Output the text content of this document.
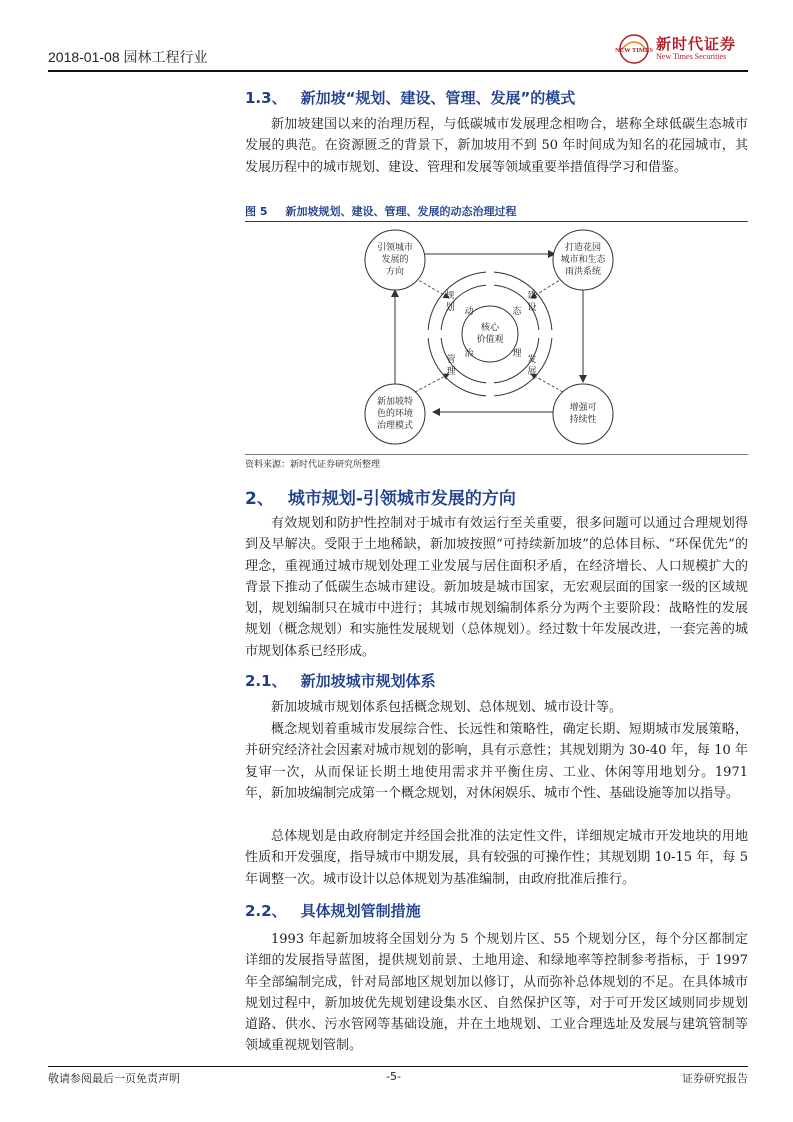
2018-01-08 园林工程行业	NEW TIMES 新时代证券
New Times Securities
1.3、 新加坡“规划、建设、管理、发展”的模式
新加坡建国以来的治理历程，与低碳城市发展理念相吻合，堪称全球低碳生态城市发展的典范。在资源匮乏的背景下，新加坡用不到 50 年时间成为知名的花园城市，其发展历程中的城市规划、建设、管理和发展等领域重要举措值得学习和借鉴。
图 5 新加坡规划、建设、管理、发展的动态治理过程
引领城市
发展的
方向
打造花园
城市和生态
雨洪系统
新加坡特
色的环境
治理模式
增强可
持续性
规
划
建
设
管
理
发
展
动	态
治	理
核心
价值观
资料来源：新时代证券研究所整理
2、 城市规划-引领城市发展的方向
有效规划和防护性控制对于城市有效运行至关重要，很多问题可以通过合理规划得到及早解决。受限于土地稀缺，新加坡按照“可持续新加坡”的总体目标、“环保优先”的理念，重视通过城市规划处理工业发展与居住面积矛盾，在经济增长、人口规模扩大的背景下推动了低碳生态城市建设。新加坡是城市国家，无宏观层面的国家一级的区域规划，规划编制只在城市中进行；其城市规划编制体系分为两个主要阶段：战略性的发展规划（概念规划）和实施性发展规划（总体规划）。经过数十年发展改进，一套完善的城市规划体系已经形成。
2.1、 新加坡城市规划体系
新加坡城市规划体系包括概念规划、总体规划、城市设计等。
概念规划着重城市发展综合性、长远性和策略性，确定长期、短期城市发展策略，并研究经济社会因素对城市规划的影响，具有示意性；其规划期为 30-40 年，每 10 年复审一次，从而保证长期土地使用需求并平衡住房、工业、休闲等用地划分。1971 年，新加坡编制完成第一个概念规划，对休闲娱乐、城市个性、基础设施等加以指导。
总体规划是由政府制定并经国会批准的法定性文件，详细规定城市开发地块的用地性质和开发强度，指导城市中期发展，具有较强的可操作性；其规划期 10-15 年，每 5 年调整一次。城市设计以总体规划为基准编制，由政府批准后推行。
2.2、 具体规划管制措施
1993 年起新加坡将全国划分为 5 个规划片区、55 个规划分区，每个分区都制定详细的发展指导蓝图，提供规划前景、土地用途、和绿地率等控制参考指标，于 1997 年全部编制完成，针对局部地区规划加以修订，从而弥补总体规划的不足。在具体城市规划过程中，新加坡优先规划建设集水区、自然保护区等，对于可开发区域则同步规划道路、供水、污水管网等基础设施，并在土地规划、工业合理选址及发展与建筑管制等领域重视规划管制。
敬请参阅最后一页免责声明	-5-	证券研究报告
